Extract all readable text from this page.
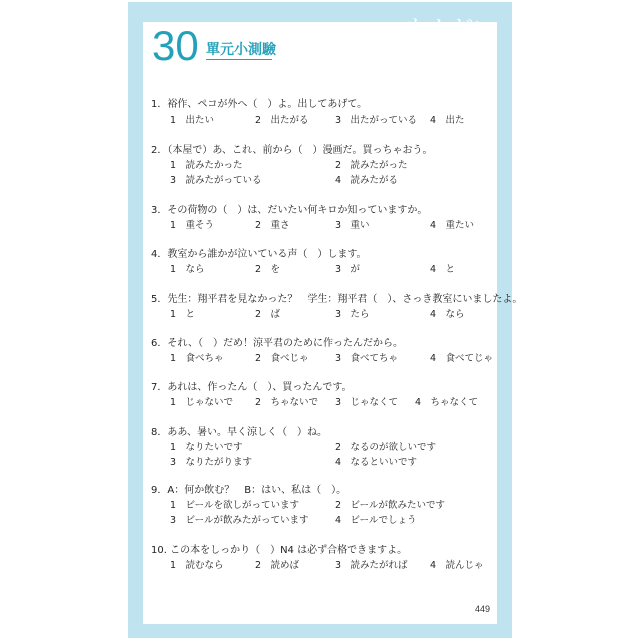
30 單元小測驗
1．裕作、ペコが外へ（　）よ。出してあげて。
1　出たい	2　出たがる	3　出たがっている 4　出た
2．（本屋で）あ、これ、前から（　）漫画だ。買っちゃおう。
1　読みたかった	2　読みたがった
3　読みたがっている	4　読みたがる
3．その荷物の（　）は、だいたい何キロか知っていますか。
1　重そう	2　重さ	3　重い	4　重たい
4．教室から誰かが泣いている声（　）します。
1　なら	2　を	3　が	4　と
5．先生：翔平君を見なかった？　学生：翔平君（　）、さっき教室にいましたよ。
1　と	2　ば	3　たら	4　なら
6．それ、（　）だめ！涼平君のために作ったんだから。
1　食べちゃ	2　食べじゃ	3　食べてちゃ	4　食べてじゃ
7．あれは、作ったん（　）、買ったんです。
1　じゃないで 2　ちゃないで 3　じゃなくて 4　ちゃなくて
8．ああ、暑い。早く涼しく（　）ね。
1　なりたいです	2　なるのが欲しいです
3　なりたがります	4　なるといいです
9．A：何か飲む？　B：はい、私は（　）。
1　ビールを欲しがっています	2　ビールが飲みたいです
3　ビールが飲みたがっています	4　ビールでしょう
10. この本をしっかり（　）N4 は必ず合格できますよ。
1　読むなら	2　読めば	3　読みたがれば 4　読んじゃ
449
